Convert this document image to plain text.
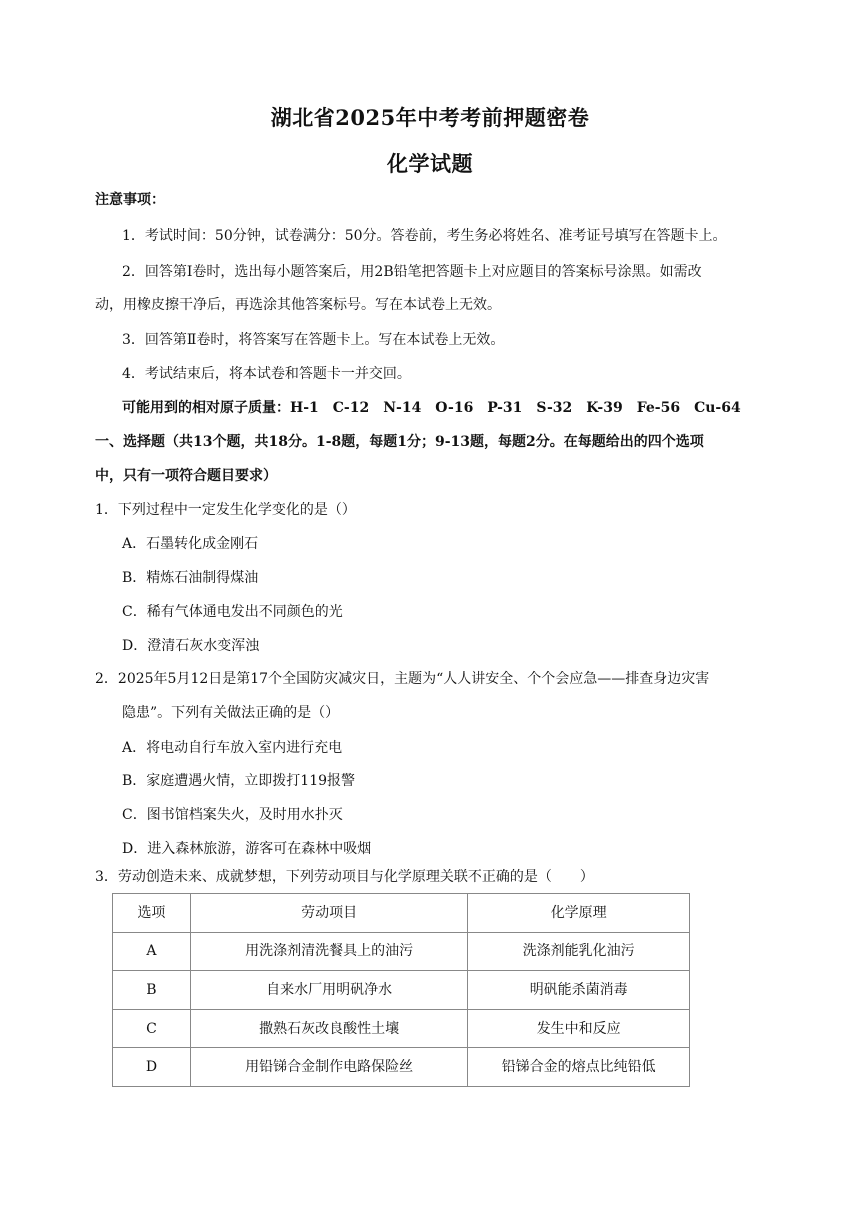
湖北省2025年中考考前押题密卷
化学试题
注意事项：
1．考试时间：50分钟，试卷满分：50分。答卷前，考生务必将姓名、准考证号填写在答题卡上。
2．回答第Ⅰ卷时，选出每小题答案后，用2B铅笔把答题卡上对应题目的答案标号涂黑。如需改
动，用橡皮擦干净后，再选涂其他答案标号。写在本试卷上无效。
3．回答第Ⅱ卷时，将答案写在答题卡上。写在本试卷上无效。
4．考试结束后，将本试卷和答题卡一并交回。
可能用到的相对原子质量：H-1　C-12　N-14　O-16　P-31　S-32　K-39　Fe-56　Cu-64
一、选择题（共13个题，共18分。1-8题，每题1分；9-13题，每题2分。在每题给出的四个选项
中，只有一项符合题目要求）
1．下列过程中一定发生化学变化的是（）
A．石墨转化成金刚石
B．精炼石油制得煤油
C．稀有气体通电发出不同颜色的光
D．澄清石灰水变浑浊
2．2025年5月12日是第17个全国防灾减灾日，主题为“人人讲安全、个个会应急——排查身边灾害
隐患”。下列有关做法正确的是（）
A．将电动自行车放入室内进行充电
B．家庭遭遇火情，立即拨打119报警
C．图书馆档案失火，及时用水扑灭
D．进入森林旅游，游客可在森林中吸烟
3．劳动创造未来、成就梦想，下列劳动项目与化学原理关联不正确的是（　　）
选项	劳动项目	化学原理
A	用洗涤剂清洗餐具上的油污	洗涤剂能乳化油污
B	自来水厂用明矾净水	明矾能杀菌消毒
C	撒熟石灰改良酸性土壤	发生中和反应
D	用铅锑合金制作电路保险丝	铅锑合金的熔点比纯铅低
